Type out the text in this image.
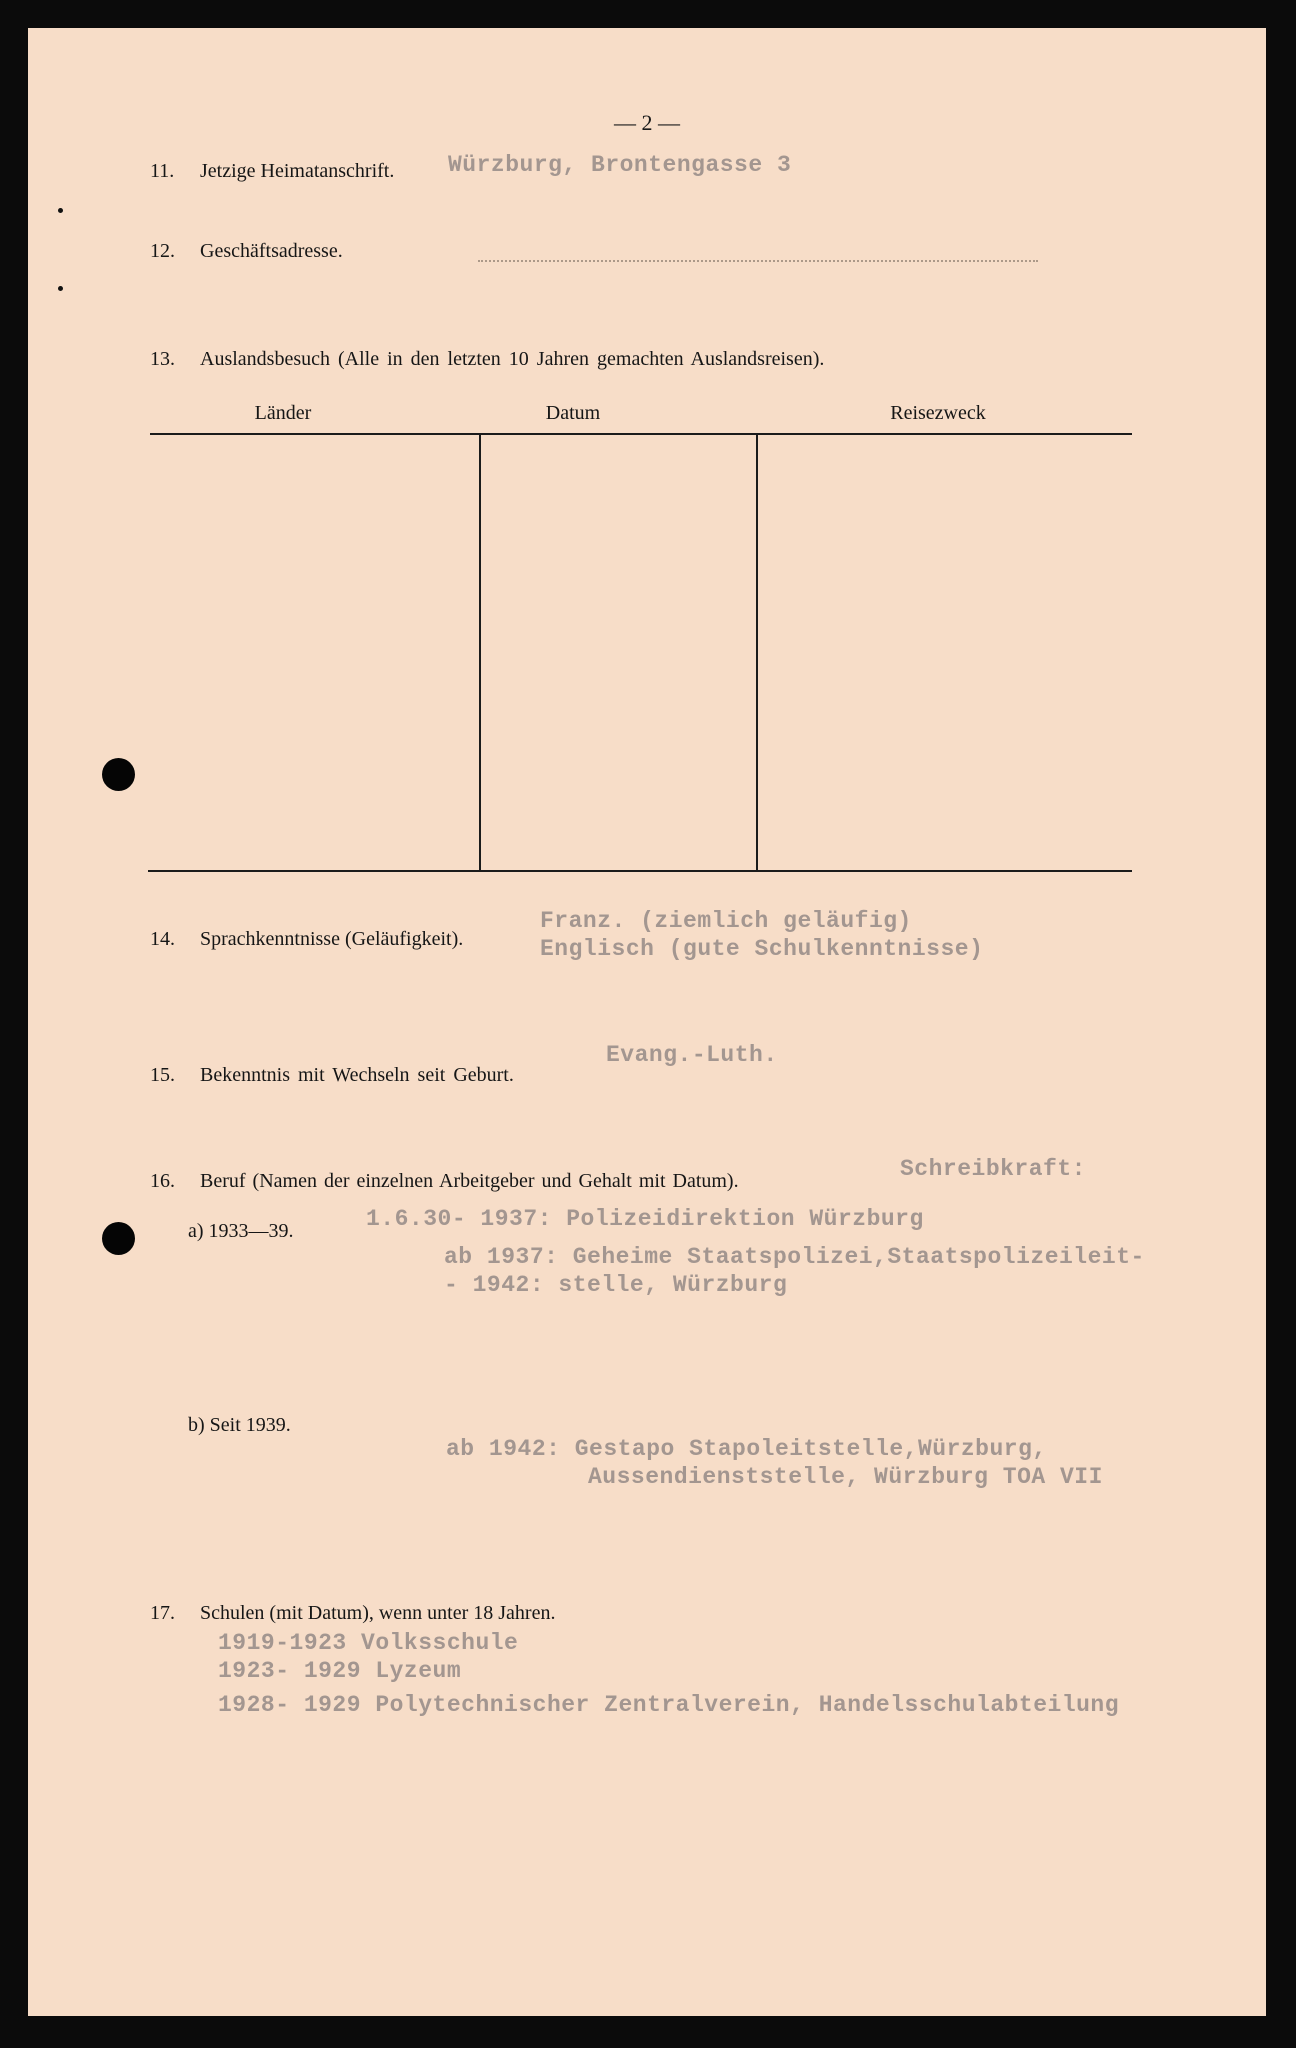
— 2 —
11. Jetzige Heimatanschrift. Würzburg, Brontengasse 3
12. Geschäftsadresse.
13. Auslandsbesuch (Alle in den letzten 10 Jahren gemachten Auslandsreisen).
Länder	Datum	Reisezweck
14. Sprachkenntnisse (Geläufigkeit).
Franz. (ziemlich geläufig)
Englisch (gute Schulkenntnisse)
15. Bekenntnis mit Wechseln seit Geburt.
Evang.-Luth.
16. Beruf (Namen der einzelnen Arbeitgeber und Gehalt mit Datum).	Schreibkraft:
a) 1933—39.	1.6.30- 1937: Polizeidirektion Würzburg
ab 1937: Geheime Staatspolizei,Staatspolizeileit-
- 1942: stelle, Würzburg
b) Seit 1939.
ab 1942: Gestapo Stapoleitstelle,Würzburg,
Aussendienststelle, Würzburg TOA VII
17. Schulen (mit Datum), wenn unter 18 Jahren.
1919-1923 Volksschule
1923- 1929 Lyzeum
1928- 1929 Polytechnischer Zentralverein, Handelsschulabteilung
